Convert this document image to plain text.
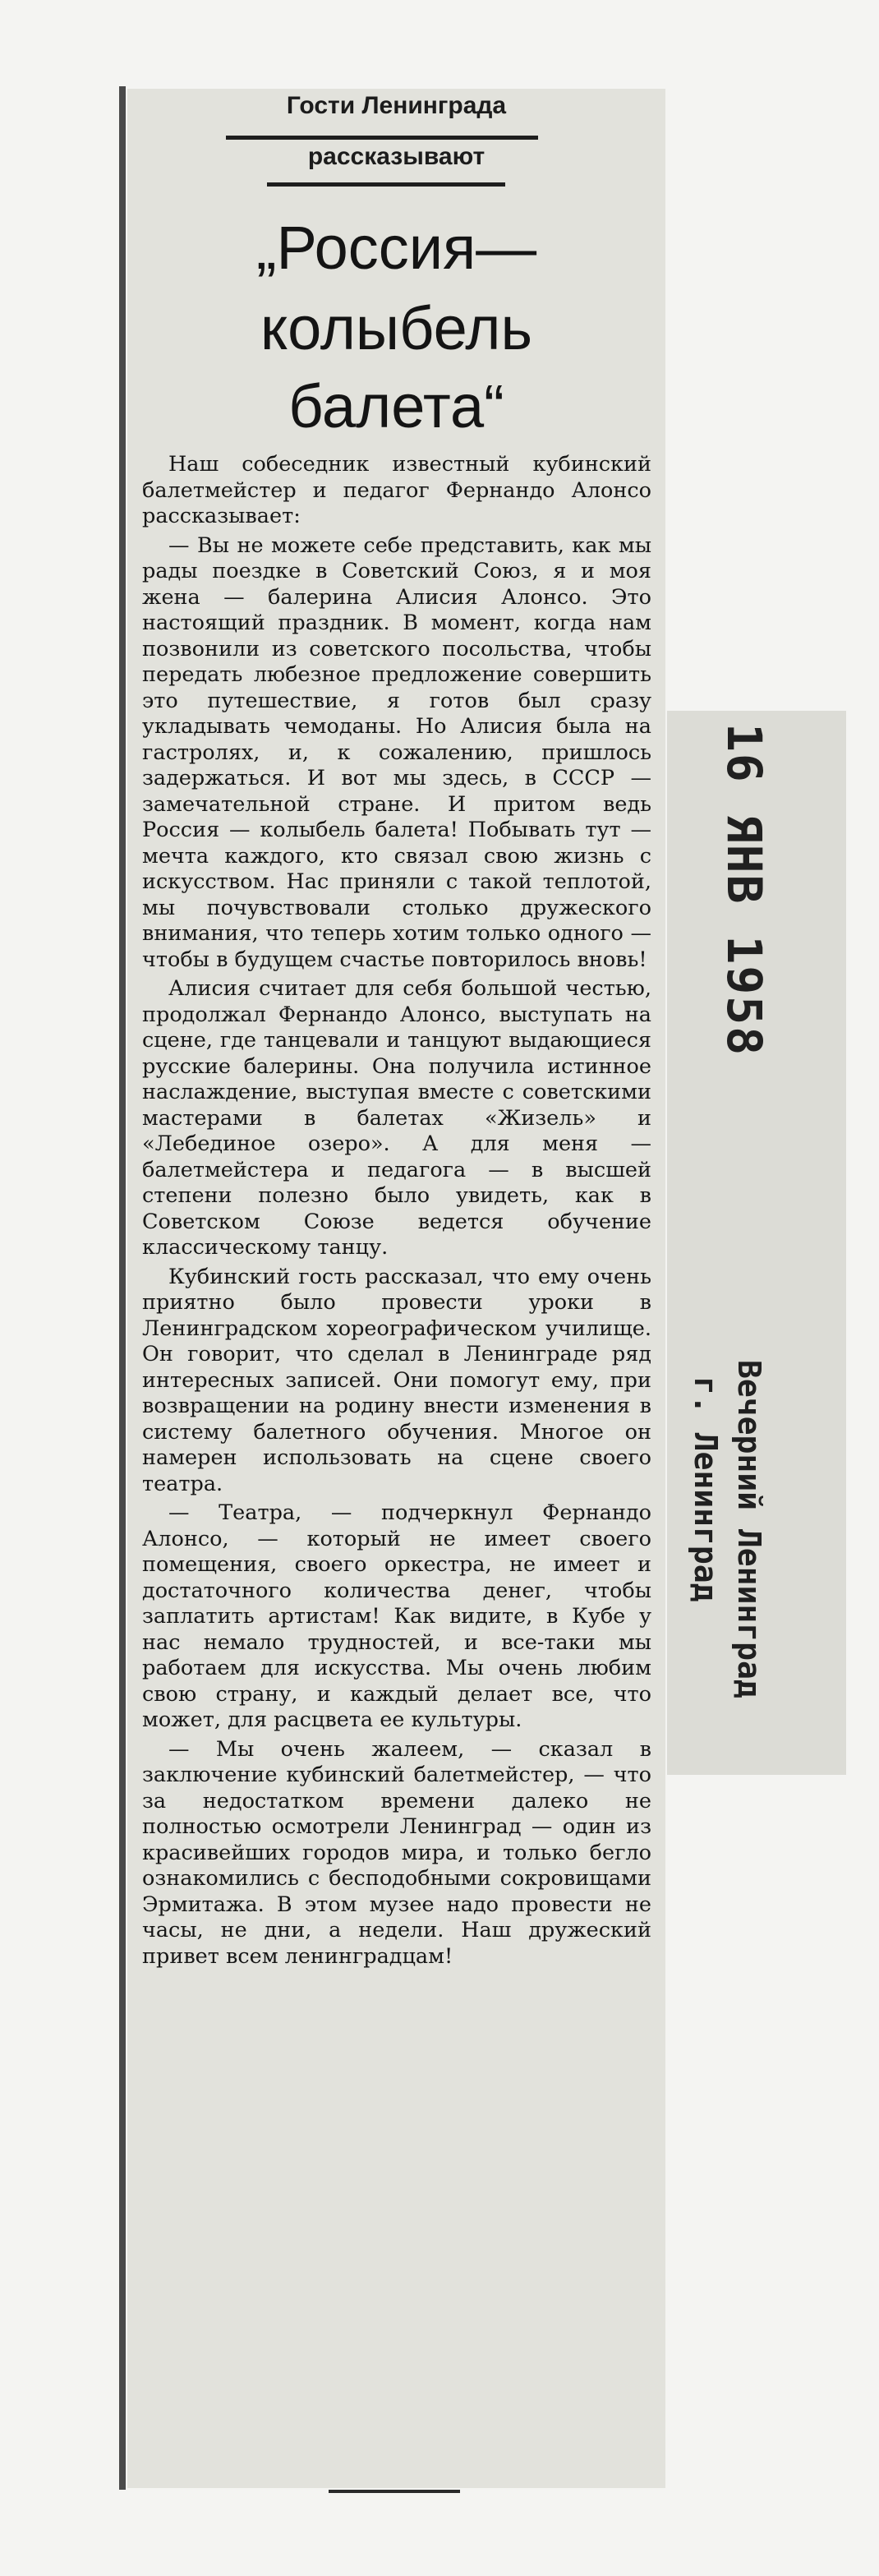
Гости Ленинграда
рассказывают
„Россия—
колыбель
балета“

Наш собеседник известный кубинский балетмейстер и педагог Фернандо Алонсо рассказывает:

— Вы не можете себе представить, как мы рады поездке в Советский Союз, я и моя жена — балерина Алисия Алонсо. Это настоящий праздник. В момент, когда нам позвонили из советского посольства, чтобы передать любезное предложение совершить это путешествие, я готов был сразу укладывать чемоданы. Но Алисия была на гастролях, и, к сожалению, пришлось задержаться. И вот мы здесь, в СССР — замечательной стране. И притом ведь Россия — колыбель балета! Побывать тут — мечта каждого, кто связал свою жизнь с искусством. Нас приняли с такой теплотой, мы почувствовали столько дружеского внимания, что теперь хотим только одного — чтобы в будущем счастье повторилось вновь!

Алисия считает для себя большой честью, продолжал Фернандо Алонсо, выступать на сцене, где танцевали и танцуют выдающиеся русские балерины. Она получила истинное наслаждение, выступая вместе с советскими мастерами в балетах «Жизель» и «Лебединое озеро». А для меня — балетмейстера и педагога — в высшей степени полезно было увидеть, как в Советском Союзе ведется обучение классическому танцу.

Кубинский гость рассказал, что ему очень приятно было провести уроки в Ленинградском хореографическом училище. Он говорит, что сделал в Ленинграде ряд интересных записей. Они помогут ему, при возвращении на родину внести изменения в систему балетного обучения. Многое он намерен использовать на сцене своего театра.

— Театра, — подчеркнул Фернандо Алонсо, — который не имеет своего помещения, своего оркестра, не имеет и достаточного количества денег, чтобы заплатить артистам! Как видите, в Кубе у нас немало трудностей, и все-таки мы работаем для искусства. Мы очень любим свою страну, и каждый делает все, что может, для расцвета ее культуры.

— Мы очень жалеем, — сказал в заключение кубинский балетмейстер, — что за недостатком времени далеко не полностью осмотрели Ленинград — один из красивейших городов мира, и только бегло ознакомились с бесподобными сокровищами Эрмитажа. В этом музее надо провести не часы, не дни, а недели. Наш дружеский привет всем ленинградцам!

16 ЯНВ 1958
Вечерний Ленинград
г. Ленинград
